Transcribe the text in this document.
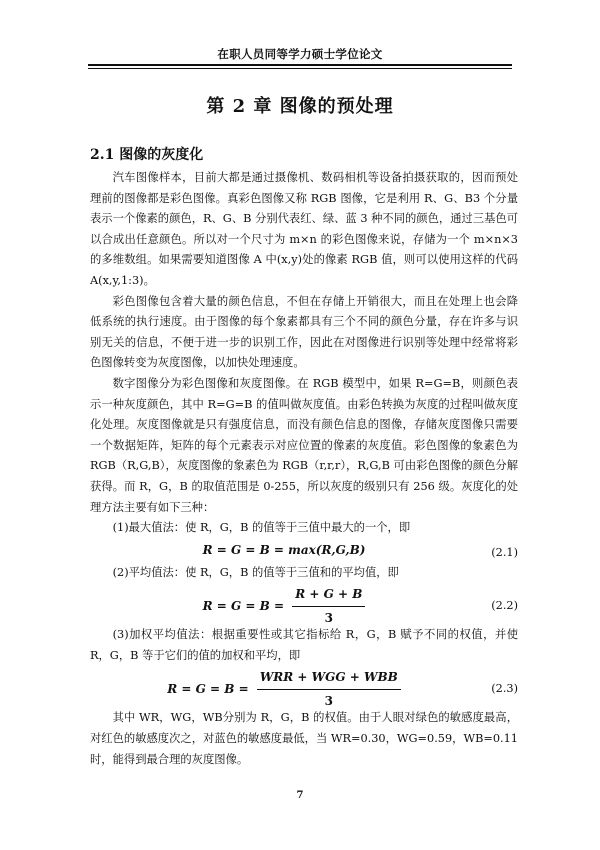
在职人员同等学力硕士学位论文
第 2 章 图像的预处理
2.1 图像的灰度化

汽车图像样本，目前大都是通过摄像机、数码相机等设备拍摄获取的，因而预处理前的图像都是彩色图像。真彩色图像又称 RGB 图像，它是利用 R、G、B3 个分量表示一个像素的颜色，R、G、B 分别代表红、绿、蓝 3 种不同的颜色，通过三基色可以合成出任意颜色。所以对一个尺寸为 m×n 的彩色图像来说，存储为一个 m×n×3 的多维数组。如果需要知道图像 A 中(x,y)处的像素 RGB 值，则可以使用这样的代码 A(x,y,1:3)。

彩色图像包含着大量的颜色信息，不但在存储上开销很大，而且在处理上也会降低系统的执行速度。由于图像的每个象素都具有三个不同的颜色分量，存在许多与识别无关的信息，不便于进一步的识别工作，因此在对图像进行识别等处理中经常将彩色图像转变为灰度图像，以加快处理速度。

数字图像分为彩色图像和灰度图像。在 RGB 模型中，如果 R=G=B，则颜色表示一种灰度颜色，其中 R=G=B 的值叫做灰度值。由彩色转换为灰度的过程叫做灰度化处理。灰度图像就是只有强度信息，而没有颜色信息的图像，存储灰度图像只需要一个数据矩阵，矩阵的每个元素表示对应位置的像素的灰度值。彩色图像的象素色为 RGB（R,G,B），灰度图像的象素色为 RGB（r,r,r），R,G,B 可由彩色图像的颜色分解获得。而 R，G，B 的取值范围是 0-255，所以灰度的级别只有 256 级。灰度化的处理方法主要有如下三种：

(1)最大值法：使 R，G，B 的值等于三值中最大的一个，即

R = G = B = max(R,G,B)	(2.1)

(2)平均值法：使 R，G，B 的值等于三值和的平均值，即

$R = G = B = \frac{R + G + B}{3}$	(2.2)

(3)加权平均值法：根据重要性或其它指标给 R，G，B 赋予不同的权值，并使 R，G，B 等于它们的值的加权和平均，即

$R = G = B = \frac{\text{WRR + WGG + WBB}}{3}$	(2.3)

其中 WR，WG，WB分别为 R，G，B 的权值。由于人眼对绿色的敏感度最高，对红色的敏感度次之，对蓝色的敏感度最低，当 WR=0.30，WG=0.59，WB=0.11 时，能得到最合理的灰度图像。

7
